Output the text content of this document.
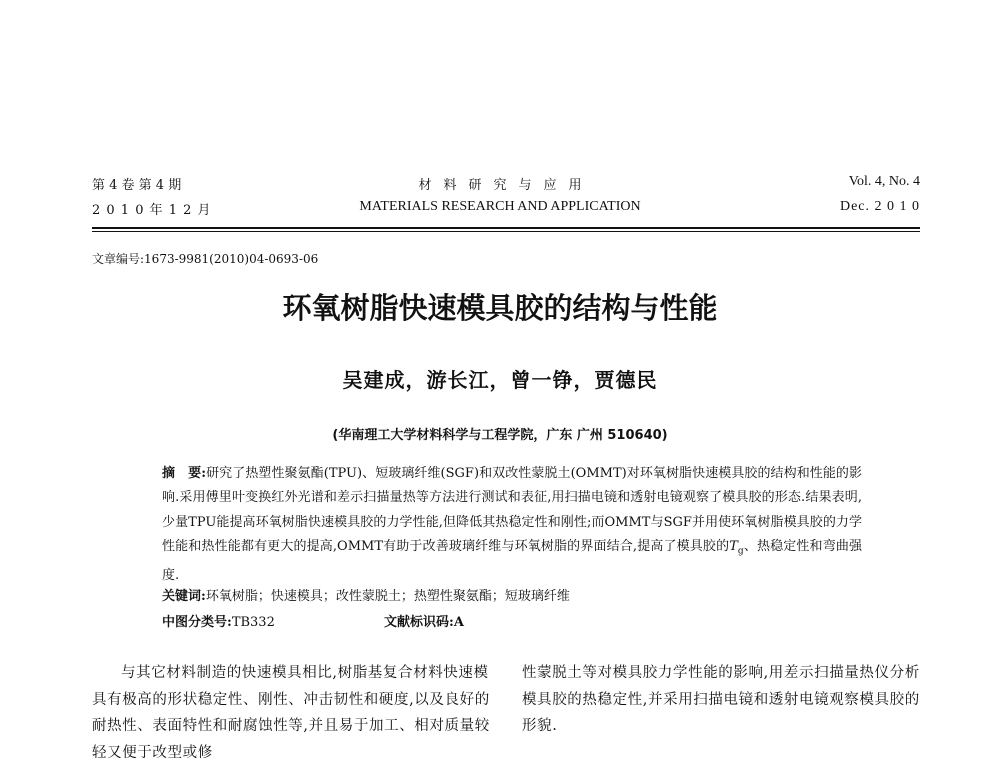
第 4 卷 第 4 期
2 0 1 0 年 1 2 月
材料研究与应用
MATERIALS RESEARCH AND APPLICATION
Vol. 4, No. 4
Dec. 2 0 1 0
文章编号:1673-9981(2010)04-0693-06
环氧树脂快速模具胶的结构与性能
吴建成，游长江，曾一铮，贾德民
(华南理工大学材料科学与工程学院，广东 广州 510640)
摘　要:研究了热塑性聚氨酯(TPU)、短玻璃纤维(SGF)和双改性蒙脱土(OMMT)对环氧树脂快速模具胶的结构和性能的影响.采用傅里叶变换红外光谱和差示扫描量热等方法进行测试和表征,用扫描电镜和透射电镜观察了模具胶的形态.结果表明,少量TPU能提高环氧树脂快速模具胶的力学性能,但降低其热稳定性和刚性;而OMMT与SGF并用使环氧树脂模具胶的力学性能和热性能都有更大的提高,OMMT有助于改善玻璃纤维与环氧树脂的界面结合,提高了模具胶的$T_g$、热稳定性和弯曲强度.
关键词:环氧树脂；快速模具；改性蒙脱土；热塑性聚氨酯；短玻璃纤维
中图分类号:TB332	文献标识码:A
与其它材料制造的快速模具相比,树脂基复合材料快速模具有极高的形状稳定性、刚性、冲击韧性和硬度,以及良好的耐热性、表面特性和耐腐蚀性等,并且易于加工、相对质量较轻又便于改型或修
性蒙脱土等对模具胶力学性能的影响,用差示扫描量热仪分析模具胶的热稳定性,并采用扫描电镜和透射电镜观察模具胶的形貌.
